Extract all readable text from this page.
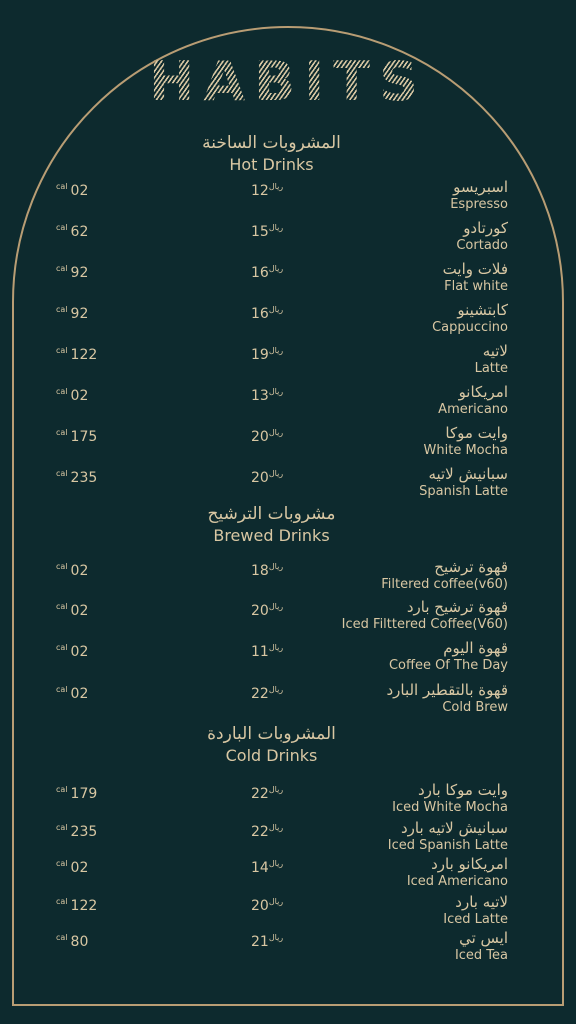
HABITS
المشروبات الساخنة
Hot Drinks
$^{cal}$ 02	$^{ريال}$12	اسبريسو
Espresso
$^{cal}$ 62	$^{ريال}$15	كورتادو
Cortado
$^{cal}$ 92	$^{ريال}$16	فلات وايت
Flat white
$^{cal}$ 92	$^{ريال}$16	كابتشينو
Cappuccino
$^{cal}$ 122	$^{ريال}$19	لاتيه
Latte
$^{cal}$ 02	$^{ريال}$13	امريكانو
Americano
$^{cal}$ 175	$^{ريال}$20	وايت موكا
White Mocha
$^{cal}$ 235	$^{ريال}$20	سبانيش لاتيه
Spanish Latte
مشروبات الترشيح
Brewed Drinks
$^{cal}$ 02	$^{ريال}$18	قهوة ترشيح
Filtered coffee(v60)
$^{cal}$ 02	$^{ريال}$20	قهوة ترشيح بارد
Iced Filttered Coffee(V60)
$^{cal}$ 02	$^{ريال}$11	قهوة اليوم
Coffee Of The Day
$^{cal}$ 02	$^{ريال}$22	قهوة بالتقطير البارد
Cold Brew
المشروبات الباردة
Cold Drinks
$^{cal}$ 179	$^{ريال}$22	وايت موكا بارد
Iced White Mocha
$^{cal}$ 235	$^{ريال}$22	سبانيش لاتيه بارد
Iced Spanish Latte
$^{cal}$ 02	$^{ريال}$14	امريكانو بارد
Iced Americano
$^{cal}$ 122	$^{ريال}$20	لاتيه بارد
Iced Latte
$^{cal}$ 80	$^{ريال}$21	ايس تي
Iced Tea
